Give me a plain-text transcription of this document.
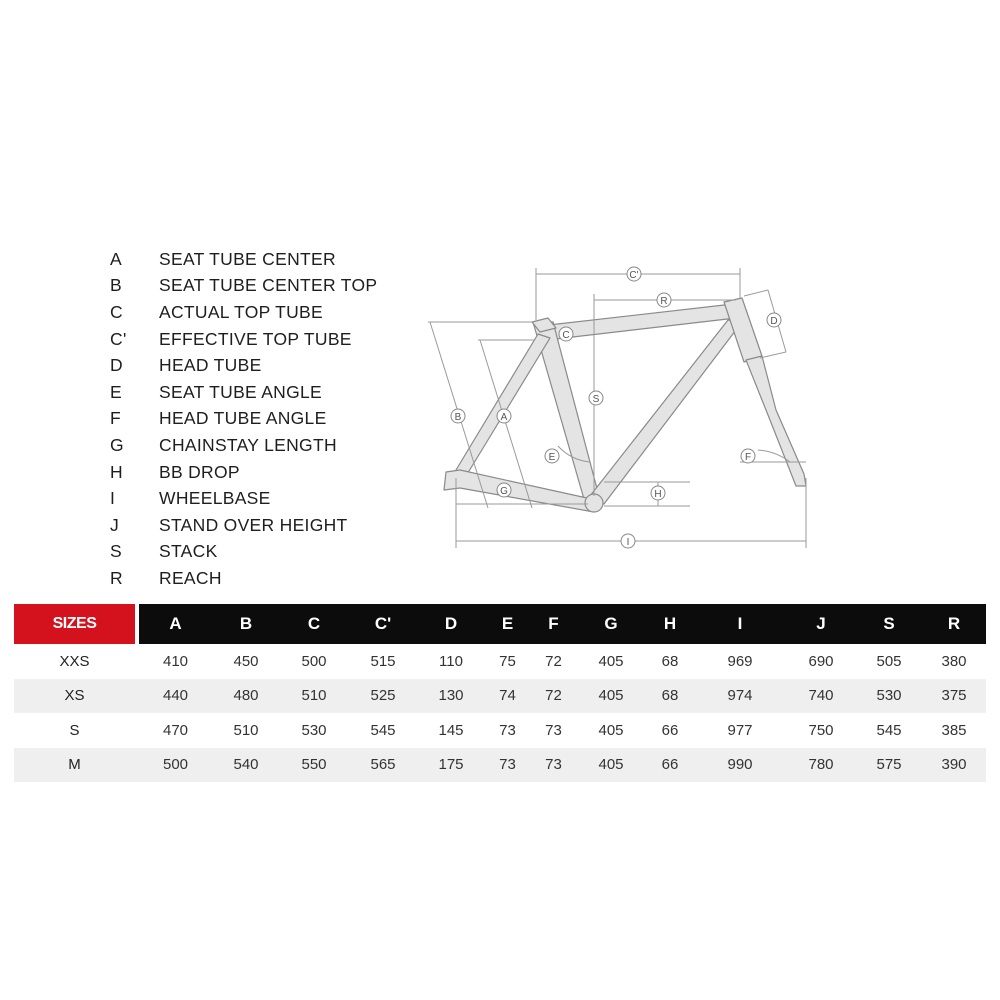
A	SEAT TUBE CENTER
B	SEAT TUBE CENTER TOP
C	ACTUAL TOP TUBE
C'	EFFECTIVE TOP TUBE
D	HEAD TUBE
E	SEAT TUBE ANGLE
F	HEAD TUBE ANGLE
G	CHAINSTAY LENGTH
H	BB DROP
I	WHEELBASE
J	STAND OVER HEIGHT
S	STACK
R	REACH
C'
R
C
D
B	A
S
E	F
G	H
I
SIZES	A	B	C	C'	D	E	F	G	H	I	J	S	R
XXS	410	450	500	515	110	75	72	405	68	969	690	505	380
XS	440	480	510	525	130	74	72	405	68	974	740	530	375
S	470	510	530	545	145	73	73	405	66	977	750	545	385
M	500	540	550	565	175	73	73	405	66	990	780	575	390
